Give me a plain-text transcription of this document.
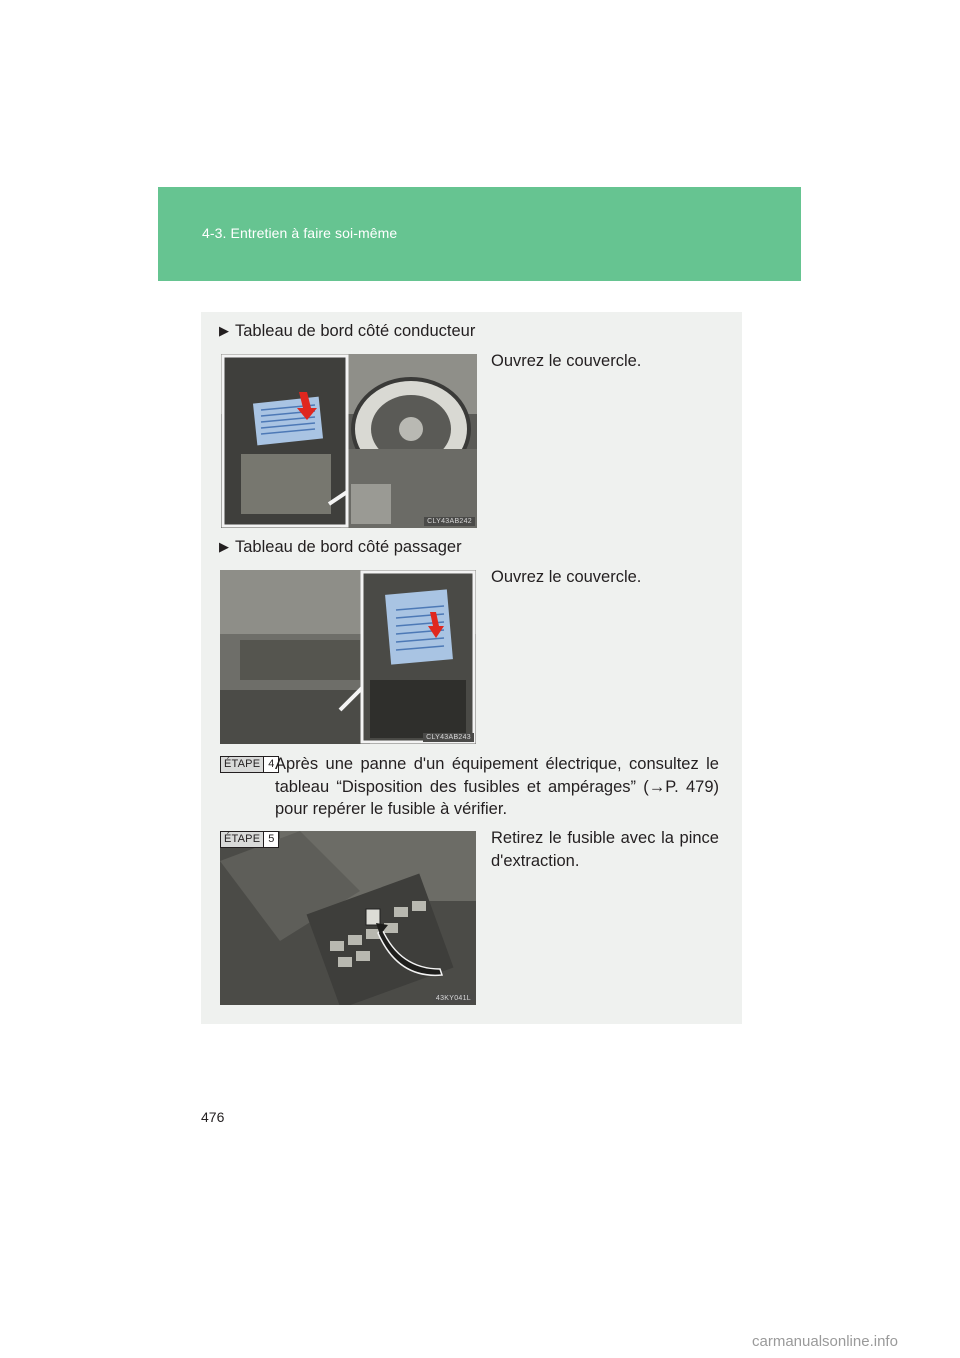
4-3. Entretien à faire soi-même
▶ Tableau de bord côté conducteur
Ouvrez le couvercle.
CLY43AB242
▶ Tableau de bord côté passager
Ouvrez le couvercle.
CLY43AB243
ÉTAPE 4 Après une panne d'un équipement électrique, consultez le tableau “Disposition des fusibles et ampérages” (→P. 479)
pour repérer le fusible à vérifier.
43KY041L
ÉTAPE 5	Retirez le fusible avec la pince d'extraction.
476
carmanualsonline.info
